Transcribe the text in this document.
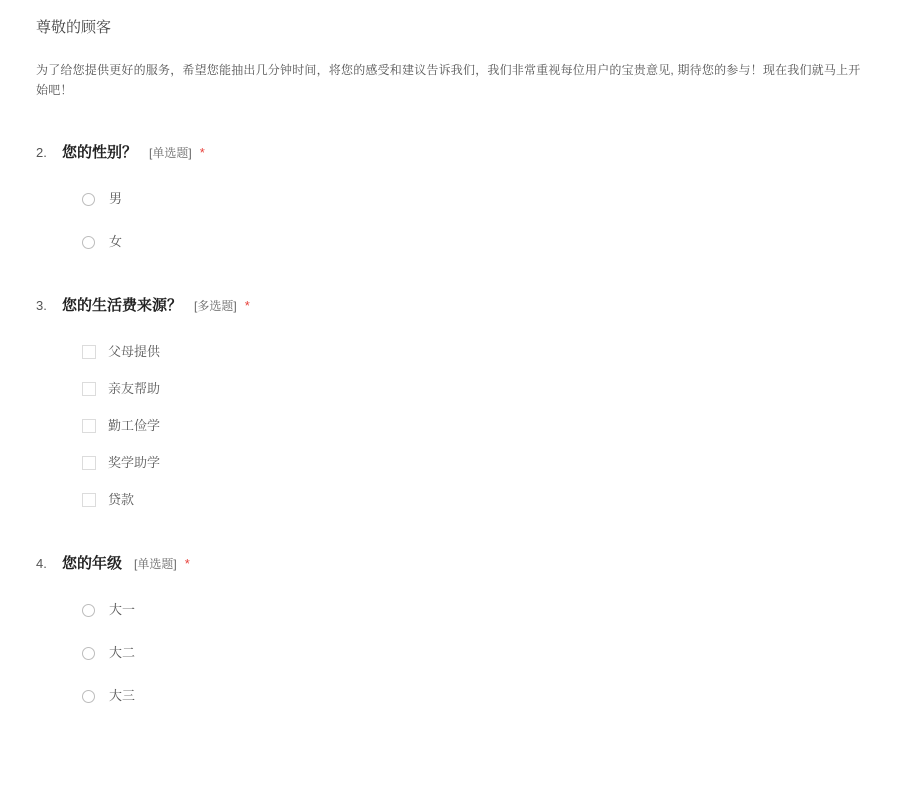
尊敬的顾客
为了给您提供更好的服务，希望您能抽出几分钟时间，将您的感受和建议告诉我们，我们非常重视每位用户的宝贵意见, 期待您的参与！现在我们就马上开始吧！
2.	您的性别？ [单选题] *
男
女
3.	您的生活费来源？ [多选题] *
父母提供
亲友帮助
勤工俭学
奖学助学
贷款
4.	您的年级 [单选题] *
大一
大二
大三
